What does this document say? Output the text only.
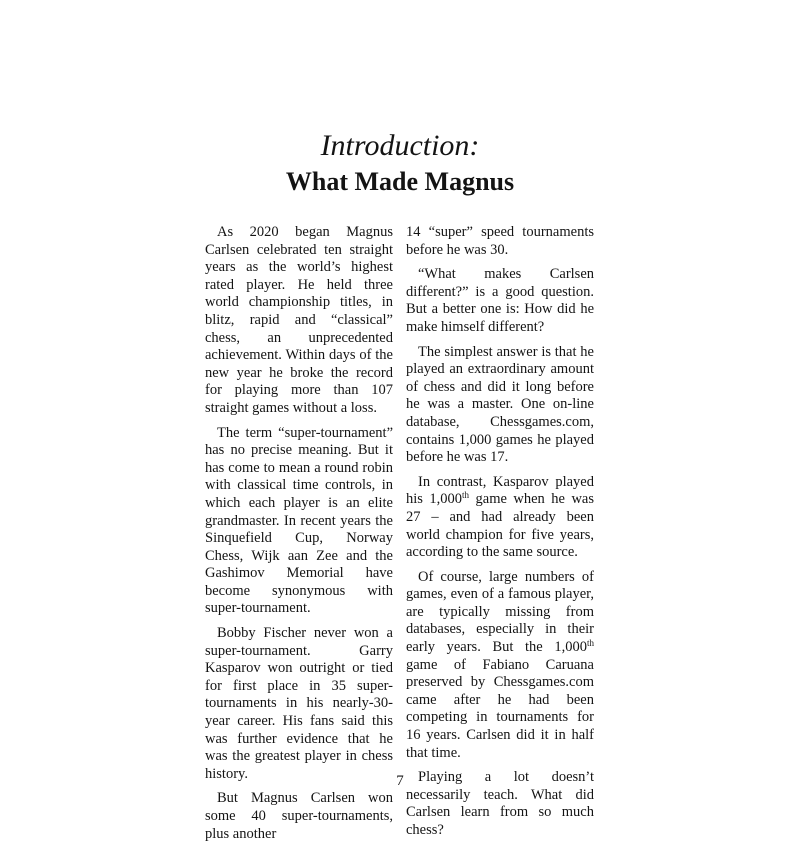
Introduction:
What Made Magnus

As 2020 began Magnus Carlsen celebrated ten straight years as the world’s highest rated player. He held three world championship titles, in blitz, rapid and “classical” chess, an unprecedented achievement. Within days of the new year he broke the record for playing more than 107 straight games without a loss.

The term “super-tournament” has no precise meaning. But it has come to mean a round robin with classical time controls, in which each player is an elite grandmaster. In recent years the Sinquefield Cup, Norway Chess, Wijk aan Zee and the Gashimov Memorial have become synonymous with super-tournament.

Bobby Fischer never won a super-tournament. Garry Kasparov won outright or tied for first place in 35 super-tournaments in his nearly-30-year career. His fans said this was further evidence that he was the greatest player in chess history.

But Magnus Carlsen won some 40 super-tournaments, plus another

14 “super” speed tournaments before he was 30.

“What makes Carlsen different?” is a good question. But a better one is: How did he make himself different?

The simplest answer is that he played an extraordinary amount of chess and did it long before he was a master. One on-line database, Chessgames.com, contains 1,000 games he played before he was 17.

In contrast, Kasparov played his 1,000th game when he was 27 – and had already been world champion for five years, according to the same source.

Of course, large numbers of games, even of a famous player, are typically missing from databases, especially in their early years. But the 1,000th game of Fabiano Caruana preserved by Chessgames.com came after he had been competing in tournaments for 16 years. Carlsen did it in half that time.

Playing a lot doesn’t necessarily teach. What did Carlsen learn from so much chess?

7
